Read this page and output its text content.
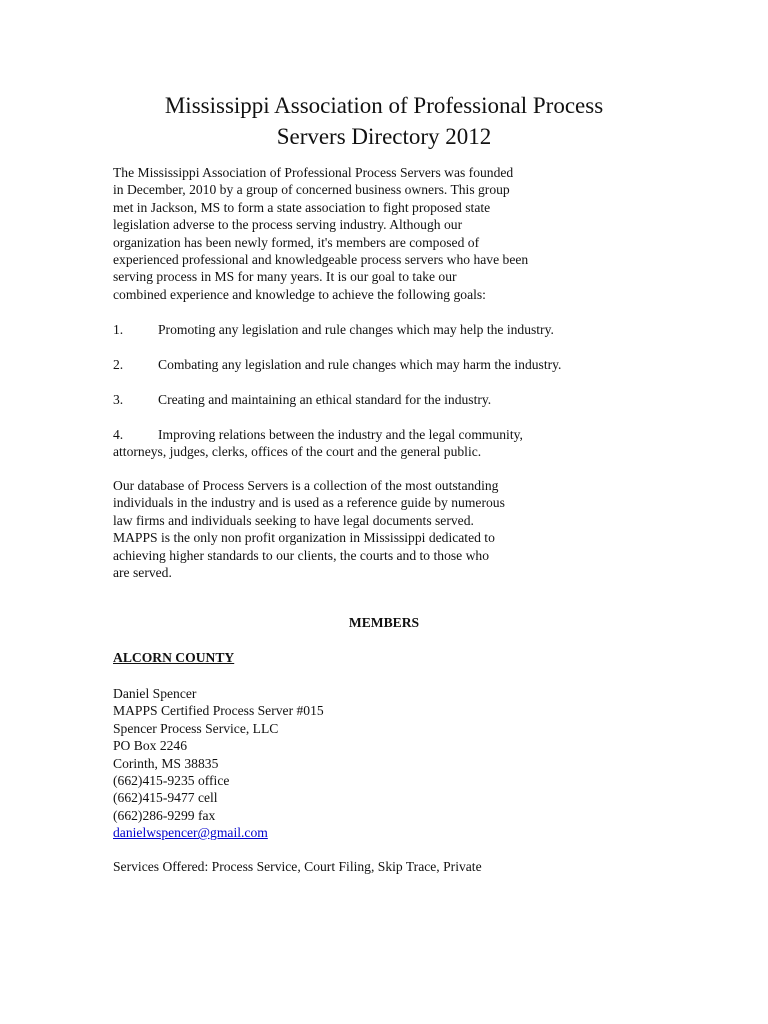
Mississippi Association of Professional Process
Servers Directory 2012

The Mississippi Association of Professional Process Servers was founded
in December, 2010 by a group of concerned business owners. This group
met in Jackson, MS to form a state association to fight proposed state
legislation adverse to the process serving industry. Although our
organization has been newly formed, it's members are composed of
experienced professional and knowledgeable process servers who have been
serving process in MS for many years. It is our goal to take our
combined experience and knowledge to achieve the following goals:

1.	Promoting any legislation and rule changes which may help the industry.

2.	Combating any legislation and rule changes which may harm the industry.

3.	Creating and maintaining an ethical standard for the industry.

4.	Improving relations between the industry and the legal community,
attorneys, judges, clerks, offices of the court and the general public.

Our database of Process Servers is a collection of the most outstanding
individuals in the industry and is used as a reference guide by numerous
law firms and individuals seeking to have legal documents served.
MAPPS is the only non profit organization in Mississippi dedicated to
achieving higher standards to our clients, the courts and to those who
are served.

MEMBERS
ALCORN COUNTY
Daniel Spencer
MAPPS Certified Process Server #015
Spencer Process Service, LLC
PO Box 2246
Corinth, MS 38835
(662)415-9235 office
(662)415-9477 cell
(662)286-9299 fax
danielwspencer@gmail.com

Services Offered: Process Service, Court Filing, Skip Trace, Private
